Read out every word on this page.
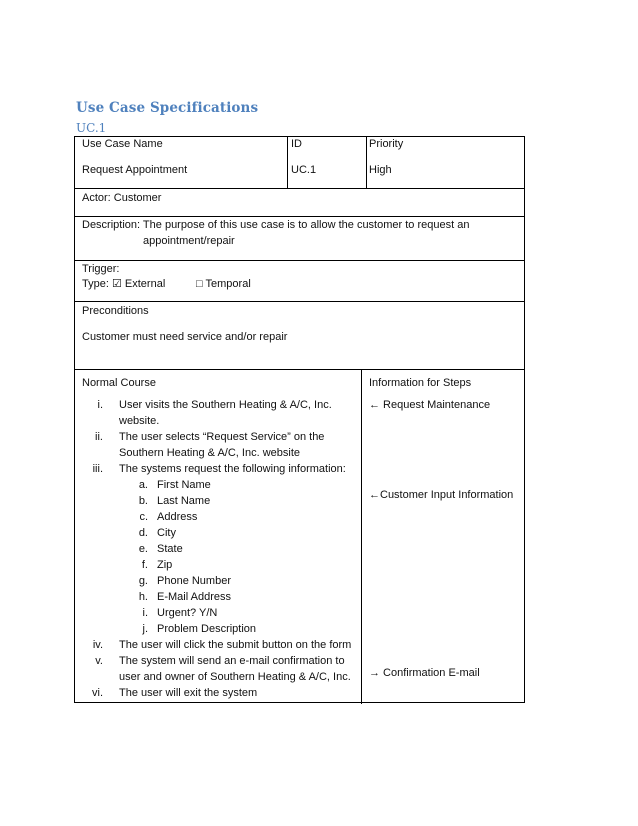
Use Case Specifications
UC.1
Use Case Name
Request Appointment
ID
UC.1
Priority
High
Actor: Customer
Description: The purpose of this use case is to allow the customer to request an
appointment/repair
Trigger:
Type: ☑ External	□ Temporal
Preconditions
Customer must need service and/or repair
Normal Course	Information for Steps
i. User visits the Southern Heating & A/C, Inc.
website.
ii. The user selects “Request Service” on the
Southern Heating & A/C, Inc. website
iii. The systems request the following information:
a. First Name
b. Last Name
c. Address
d. City
e. State
f. Zip
g. Phone Number
h. E-Mail Address
i. Urgent? Y/N
j. Problem Description
iv. The user will click the submit button on the form
v. The system will send an e-mail confirmation to
user and owner of Southern Heating & A/C, Inc.
vi. The user will exit the system
← Request Maintenance
←Customer Input Information
→ Confirmation E-mail
